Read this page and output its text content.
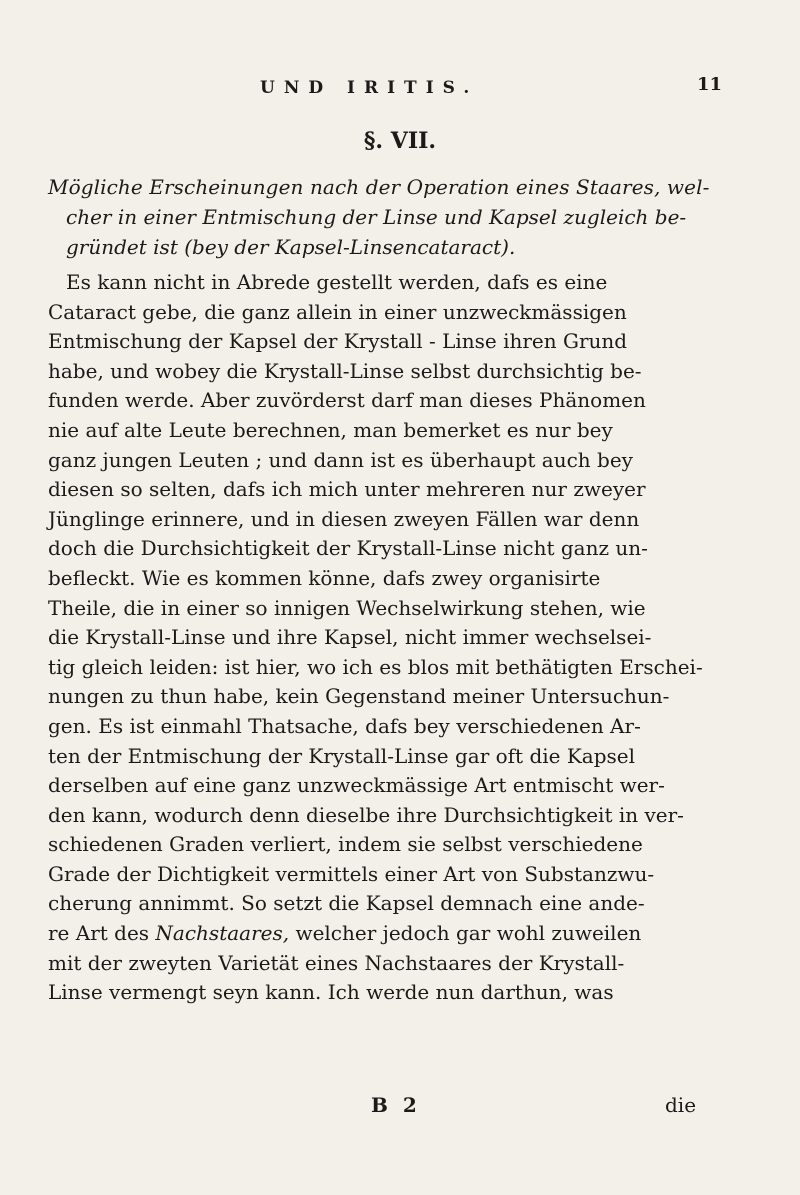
UND IRITIS.	11
§. VII.
Mögliche Erscheinungen nach der Operation eines Staares, wel-
cher in einer Entmischung der Linse und Kapsel zugleich be-
gründet ist (bey der Kapsel-Linsencataract).
Es kann nicht in Abrede gestellt werden, dafs es eine
Cataract gebe, die ganz allein in einer unzweckmässigen
Entmischung der Kapsel der Krystall - Linse ihren Grund
habe, und wobey die Krystall-Linse selbst durchsichtig be-
funden werde. Aber zuvörderst darf man dieses Phänomen
nie auf alte Leute berechnen, man bemerket es nur bey
ganz jungen Leuten ; und dann ist es überhaupt auch bey
diesen so selten, dafs ich mich unter mehreren nur zweyer
Jünglinge erinnere, und in diesen zweyen Fällen war denn
doch die Durchsichtigkeit der Krystall-Linse nicht ganz un-
befleckt. Wie es kommen könne, dafs zwey organisirte
Theile, die in einer so innigen Wechselwirkung stehen, wie
die Krystall-Linse und ihre Kapsel, nicht immer wechselsei-
tig gleich leiden: ist hier, wo ich es blos mit bethätigten Erschei-
nungen zu thun habe, kein Gegenstand meiner Untersuchun-
gen. Es ist einmahl Thatsache, dafs bey verschiedenen Ar-
ten der Entmischung der Krystall-Linse gar oft die Kapsel
derselben auf eine ganz unzweckmässige Art entmischt wer-
den kann, wodurch denn dieselbe ihre Durchsichtigkeit in ver-
schiedenen Graden verliert, indem sie selbst verschiedene
Grade der Dichtigkeit vermittels einer Art von Substanzwu-
cherung annimmt. So setzt die Kapsel demnach eine ande-
re Art des Nachstaares, welcher jedoch gar wohl zuweilen
mit der zweyten Varietät eines Nachstaares der Krystall-
Linse vermengt seyn kann. Ich werde nun darthun, was
B 2	die
